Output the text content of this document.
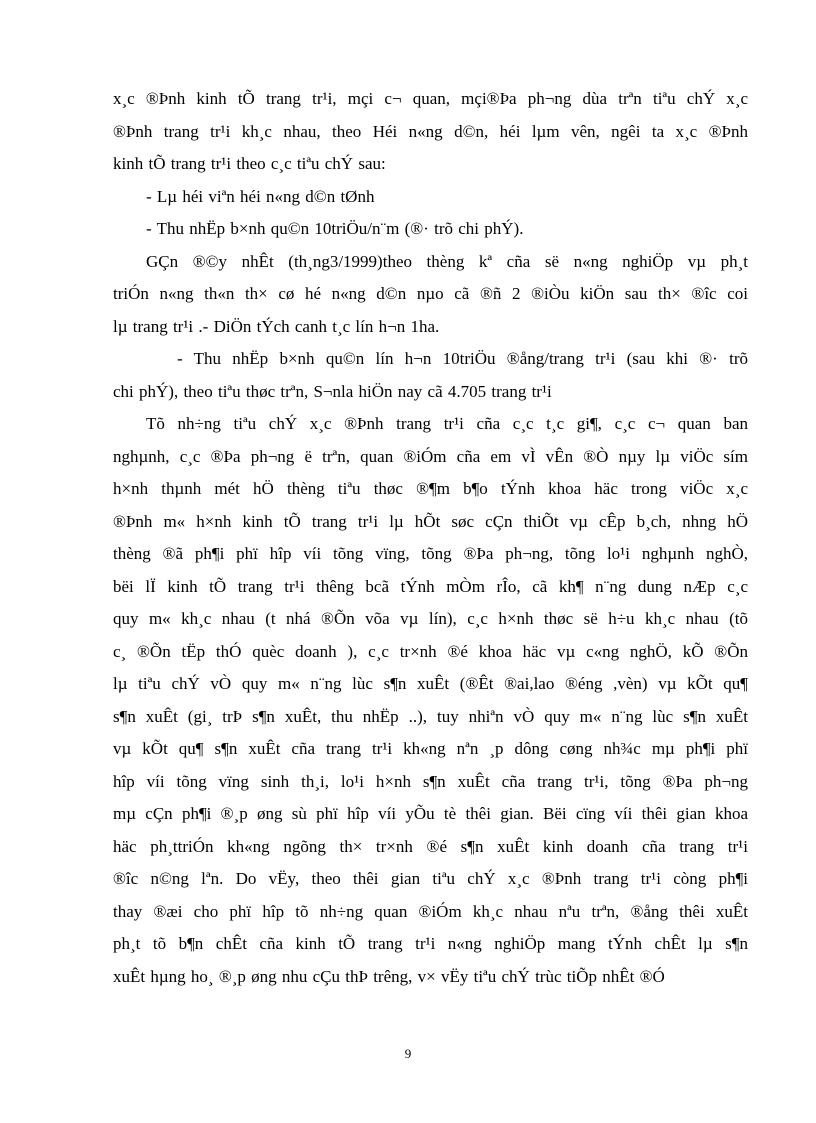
x¸c ®Þnh kinh tÕ trang tr¹i, mçi c¬ quan, mçi®Þa ph¬ng dùa trªn tiªu chÝ x¸c
®Þnh trang tr¹i kh¸c nhau, theo Héi n«ng d©n, héi lµm vên, ngêi ta x¸c ®Þnh
kinh tÕ trang tr¹i theo c¸c tiªu chÝ sau:
- Lµ héi viªn héi n«ng d©n tØnh
- Thu nhËp b×nh qu©n 10triÖu/n¨m (®· trõ chi phÝ).
GÇn ®©y nhÊt (th¸ng3/1999)theo thèng kª cña së n«ng nghiÖp vµ ph¸t
triÓn n«ng th«n th× cø hé n«ng d©n nµo cã ®ñ 2 ®iÒu kiÖn sau th× ®îc coi
lµ trang tr¹i .- DiÖn tÝch canh t¸c lín h¬n 1ha.
- Thu nhËp b×nh qu©n lín h¬n 10triÖu ®ång/trang tr¹i (sau khi ®· trõ
chi phÝ), theo tiªu thøc trªn, S¬nla hiÖn nay cã 4.705 trang tr¹i
Tõ nh÷ng tiªu chÝ x¸c ®Þnh trang tr¹i cña c¸c t¸c gi¶, c¸c c¬ quan ban
nghµnh, c¸c ®Þa ph¬ng ë trªn, quan ®iÓm cña em vÌ vÊn ®Ò nµy lµ viÖc sím
h×nh thµnh mét hÖ thèng tiªu thøc ®¶m b¶o tÝnh khoa häc trong viÖc x¸c
®Þnh m« h×nh kinh tÕ trang tr¹i lµ hÕt søc cÇn thiÕt vµ cÊp b¸ch, nhng hÖ
thèng ®ã ph¶i phï hîp víi tõng vïng, tõng ®Þa ph¬ng, tõng lo¹i nghµnh nghÒ,
bëi lÏ kinh tÕ trang tr¹i thêng bcã tÝnh mÒm rÎo, cã kh¶ n¨ng dung nÆp c¸c
quy m« kh¸c nhau (t nhá ®Õn võa vµ lín), c¸c h×nh thøc së h÷u kh¸c nhau (tõ
c¸ ®Õn tËp thÓ quèc doanh ), c¸c tr×nh ®é khoa häc vµ c«ng nghÖ, kÕ ®Õn
lµ tiªu chÝ vÒ quy m« n¨ng lùc s¶n xuÊt (®Êt ®ai,lao ®éng ,vèn) vµ kÕt qu¶
s¶n xuÊt (gi¸ trÞ s¶n xuÊt, thu nhËp ..), tuy nhiªn vÒ quy m« n¨ng lùc s¶n xuÊt
vµ kÕt qu¶ s¶n xuÊt cña trang tr¹i kh«ng nªn ¸p dông cøng nh¾c mµ ph¶i phï
hîp víi tõng vïng sinh th¸i, lo¹i h×nh s¶n xuÊt cña trang tr¹i, tõng ®Þa ph¬ng
mµ cÇn ph¶i ®¸p øng sù phï hîp víi yÕu tè thêi gian. Bëi cïng víi thêi gian khoa
häc ph¸ttriÓn kh«ng ngõng th× tr×nh ®é s¶n xuÊt kinh doanh cña trang tr¹i
®îc n©ng lªn. Do vËy, theo thêi gian tiªu chÝ x¸c ®Þnh trang tr¹i còng ph¶i
thay ®æi cho phï hîp tõ nh÷ng quan ®iÓm kh¸c nhau nªu trªn, ®ång thêi xuÊt
ph¸t tõ b¶n chÊt cña kinh tÕ trang tr¹i n«ng nghiÖp mang tÝnh chÊt lµ s¶n
xuÊt hµng ho¸ ®¸p øng nhu cÇu thÞ trêng, v× vËy tiªu chÝ trùc tiÕp nhÊt ®Ó
9
